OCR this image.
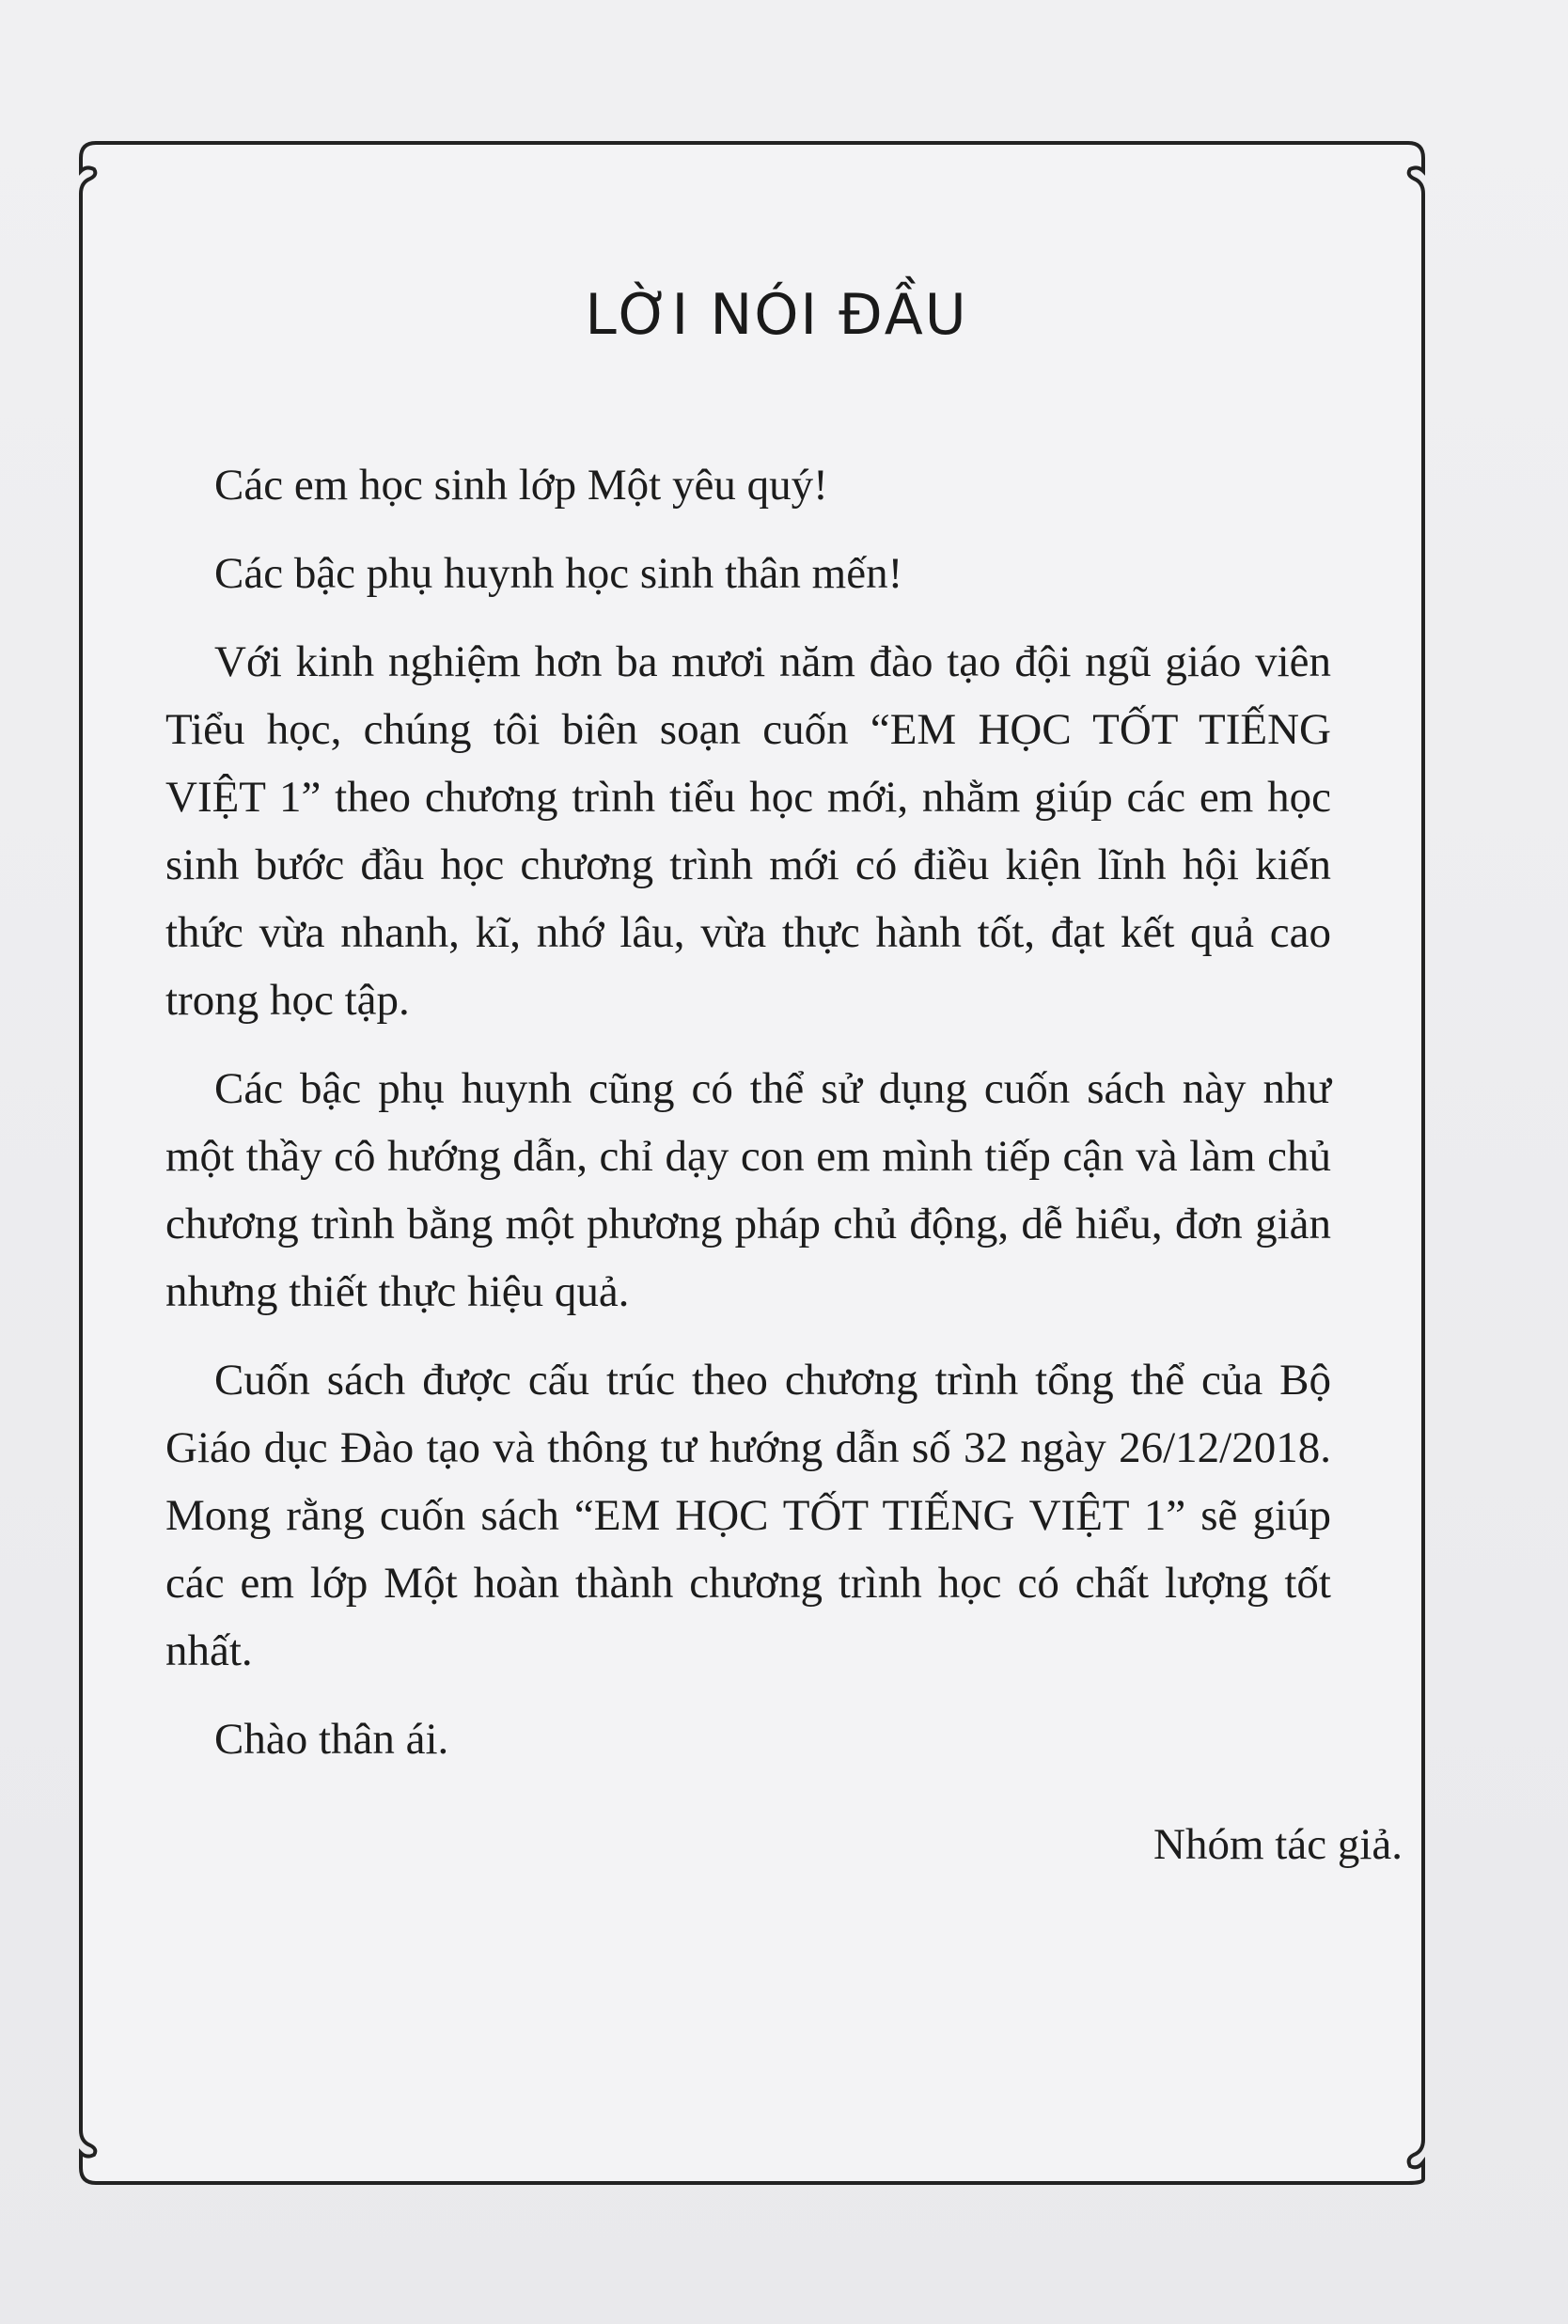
LỜI NÓI ĐẦU

Các em học sinh lớp Một yêu quý!

Các bậc phụ huynh học sinh thân mến!

Với kinh nghiệm hơn ba mươi năm đào tạo đội ngũ giáo viên Tiểu học, chúng tôi biên soạn cuốn “EM HỌC TỐT TIẾNG VIỆT 1” theo chương trình tiểu học mới, nhằm giúp các em học sinh bước đầu học chương trình mới có điều kiện lĩnh hội kiến thức vừa nhanh, kĩ, nhớ lâu, vừa thực hành tốt, đạt kết quả cao trong học tập.

Các bậc phụ huynh cũng có thể sử dụng cuốn sách này như một thầy cô hướng dẫn, chỉ dạy con em mình tiếp cận và làm chủ chương trình bằng một phương pháp chủ động, dễ hiểu, đơn giản nhưng thiết thực hiệu quả.

Cuốn sách được cấu trúc theo chương trình tổng thể của Bộ Giáo dục Đào tạo và thông tư hướng dẫn số 32 ngày 26/12/2018. Mong rằng cuốn sách “EM HỌC TỐT TIẾNG VIỆT 1” sẽ giúp các em lớp Một hoàn thành chương trình học có chất lượng tốt nhất.

Chào thân ái.

Nhóm tác giả.
